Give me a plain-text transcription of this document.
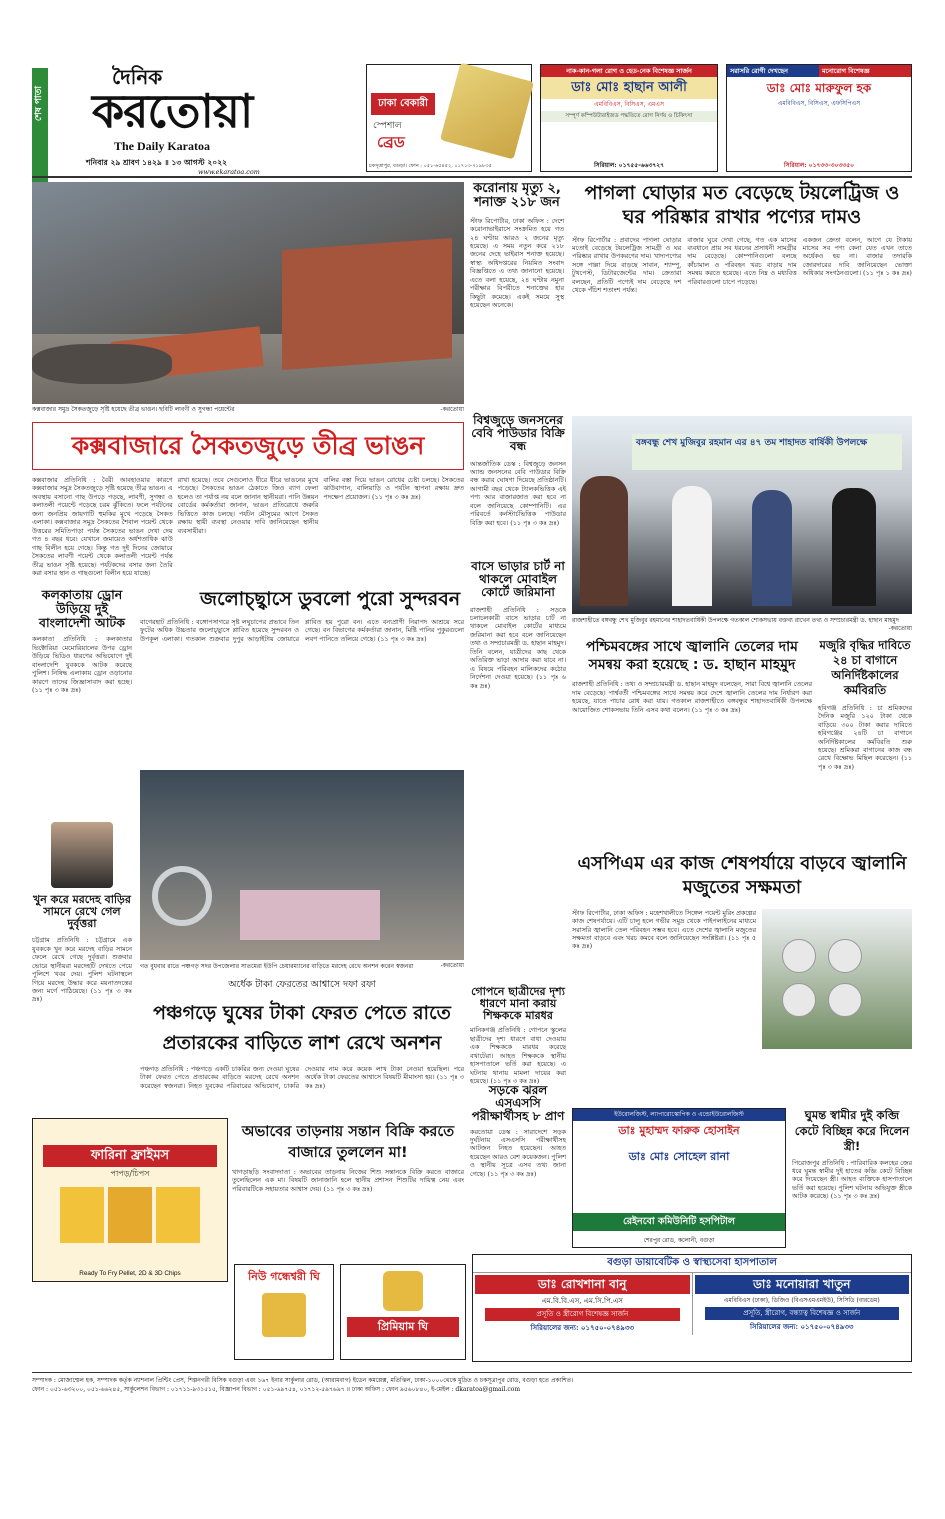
শেষ পাতা
দৈনিক
করতোয়া
The Daily Karatoa
শনিবার ২৯ শ্রাবণ ১৪২৯ ॥ ১৩ আগস্ট ২০২২
ঢাকা বেকারী
স্পেশাল
ব্রেড
চকসূত্রাপুর, বগুড়া। ফোন : ০৫১-৬৫৪৫২, ০১৭১৩-৭১৯৮৩৫
নাক-কান-গলা রোগ ও হেড-নেক বিশেষজ্ঞ সার্জন
ডাঃ মোঃ হাছান আলী
এমবিবিএস, বিসিএস, এমএস
সম্পূর্ণ কম্পিউটারাইজড পদ্ধতিতে রোগ নির্ণয় ও চিকিৎসা
সিরিয়াল: ০১৭৫৫-৬৬৩৭২৭
সরাসরি রোগী দেখছেন	মনোরোগ বিশেষজ্ঞ
ডাঃ মোঃ মারুফুল হক
এমবিবিএস, বিসিএস, এফসিপিএস
সিরিয়াল: ০১৭৩৩-৩০৩৩৫০
www.ekaratoa.com
কক্সবাজার সমুদ্র সৈকতজুড়ে সৃষ্টি হয়েছে তীব্র ভাঙন। ছবিটি লাবণী ও সুগন্ধা পয়েন্টের	-করতোয়া
করোনায় মৃত্যু ২, শনাক্ত ২১৮ জন
স্টাফ রিপোর্টার, ঢাকা অফিস : দেশে করোনাভাইরাসে সংক্রমিত হয়ে গত ২৪ ঘণ্টায় আরও ২ জনের মৃত্যু হয়েছে। এ সময় নতুন করে ২১৮ জনের দেহে ভাইরাস শনাক্ত হয়েছে। স্বাস্থ্য অধিদপ্তরের নিয়মিত সংবাদ বিজ্ঞপ্তিতে এ তথ্য জানানো হয়েছে। এতে বলা হয়েছে, ২৪ ঘণ্টায় নমুনা পরীক্ষার বিপরীতে শনাক্তের হার কিছুটা কমেছে। একই সময়ে সুস্থ হয়েছেন অনেকে।
পাগলা ঘোড়ার মত বেড়েছে টয়লেট্রিজ ও ঘর পরিষ্কার রাখার পণ্যের দামও
স্টাফ রিপোর্টার : প্রবাদের পাগলা ঘোড়ার মতোই বেড়েছে টয়লেট্রিজ সামগ্রী ও ঘর পরিষ্কার রাখার উপকরণের দাম। খাদ্যপণ্যের সঙ্গে পাল্লা দিয়ে বাড়ছে সাবান, শ্যাম্পু, টুথপেস্ট, ডিটারজেন্টের দাম। ক্রেতারা বলছেন, প্রতিটি পণ্যেই দাম বেড়েছে দশ থেকে পঁচিশ শতাংশ পর্যন্ত।
বাজার ঘুরে দেখা গেছে, গত এক মাসের ব্যবধানে প্রায় সব ধরনের প্রসাধনী সামগ্রীর দাম বেড়েছে। কোম্পানিগুলো বলছে কাঁচামাল ও পরিবহন খরচ বাড়ায় দাম সমন্বয় করতে হয়েছে। এতে নিম্ন ও মধ্যবিত্ত পরিবারগুলো চাপে পড়েছে।
একজন ক্রেতা বলেন, আগে যে টাকায় মাসের সব পণ্য কেনা যেত এখন তাতে অর্ধেকও হয় না। বাজার তদারকি জোরদারের দাবি জানিয়েছেন ভোক্তা অধিকার সংগঠনগুলো। (১১ পৃঃ ১ কঃ দ্রঃ)
কক্সবাজারে সৈকতজুড়ে তীব্র ভাঙন
কক্সবাজার প্রতিনিধি : বৈরী আবহাওয়ার কারণে কক্সবাজার সমুদ্র সৈকতজুড়ে সৃষ্টি হয়েছে তীব্র ভাঙন। এ অবস্থায় বসানো গাছ উপড়ে পড়ছে, লাবণী, সুগন্ধা ও কলাতলী পয়েন্টে পড়েছে চরম ঝুঁকিতে। ফলে পর্যটনের জন্য জনপ্রিয় জায়গাটি হুমকির মুখে পড়েছে সৈকত এলাকা। কক্সবাজার সমুদ্র সৈকতের শৈবাল পয়েন্ট থেকে উত্তরের সমিতিপাড়া পর্যন্ত সৈকতের ভাঙন দেখা দেয় গত ৪ বছর ধরে। যেখানে জমায়েত অর্ধশতাধিক ঝাউ গাছ বিলীন হয়ে গেছে। কিন্তু গত দুই দিনের জোয়ারে সৈকতের লাবণী পয়েন্ট থেকে কলাতলী পয়েন্ট পর্যন্ত তীব্র ভাঙন সৃষ্টি হয়েছে। পর্যটকদের বসার জন্য তৈরি করা বসার স্থান ও গাছগুলো বিলীন হয়ে যাচ্ছে।
রাখা হয়েছে। তবে সেগুলোও ধীরে ধীরে ভাঙনের মুখে পড়েছে। সৈকতের ভাঙন ঠেকাতে জিও ব্যাগ ফেলা হলেও তা পর্যাপ্ত নয় বলে জানান স্থানীয়রা। পানি উন্নয়ন বোর্ডের কর্মকর্তারা জানান, ভাঙন প্রতিরোধে জরুরি ভিত্তিতে কাজ চলছে। পর্যটন মৌসুমের আগে সৈকত রক্ষায় স্থায়ী ব্যবস্থা নেওয়ার দাবি জানিয়েছেন স্থানীয় ব্যবসায়ীরা।
বালির বস্তা দিয়ে ভাঙন রোধের চেষ্টা চলছে। সৈকতের ঝাউবাগান, বালিয়াড়ি ও পর্যটন স্থাপনা রক্ষায় দ্রুত পদক্ষেপ প্রয়োজন। (১১ পৃঃ ৩ কঃ দ্রঃ)
বিশ্বজুড়ে জনসনের বেবি পাউডার বিক্রি বন্ধ
আন্তর্জাতিক ডেস্ক : বিশ্বজুড়ে জনসন অ্যান্ড জনসনের বেবি পাউডার বিক্রি বন্ধ করার ঘোষণা দিয়েছে প্রতিষ্ঠানটি। আগামী বছর থেকে ট্যালকভিত্তিক এই পণ্য আর বাজারজাত করা হবে না বলে জানিয়েছে কোম্পানিটি। এর পরিবর্তে কর্নস্টার্চভিত্তিক পাউডার বিক্রি করা হবে। (১১ পৃঃ ৩ কঃ দ্রঃ)
বঙ্গবন্ধু শেখ মুজিবুর রহমান এর ৪৭ তম শাহাদত বার্ষিকী উপলক্ষে
রাজশাহীতে বঙ্গবন্ধু শেখ মুজিবুর রহমানের শাহাদতবার্ষিকী উপলক্ষে গতকাল শোকসভায় বক্তব্য রাখেন তথ্য ও সম্প্রচারমন্ত্রী ড. হাছান মাহমুদ
-করতোয়া
কলকাতায় ড্রোন উড়িয়ে দুই বাংলাদেশী আটক
কলকাতা প্রতিনিধি : কলকাতার ভিক্টোরিয়া মেমোরিয়ালের উপর ড্রোন উড়িয়ে ভিডিও ধারণের অভিযোগে দুই বাংলাদেশি যুবককে আটক করেছে পুলিশ। নিষিদ্ধ এলাকায় ড্রোন ওড়ানোর কারণে তাদের জিজ্ঞাসাবাদ করা হচ্ছে। (১১ পৃঃ ৩ কঃ দ্রঃ)
জলোচ্ছ্বাসে ডুবলো পুরো সুন্দরবন
বাগেরহাট প্রতিনিধি : বঙ্গোপসাগরে সৃষ্ট লঘুচাপের প্রভাবে তিন ফুটের অধিক উচ্চতার জলোচ্ছ্বাসে প্লাবিত হয়েছে সুন্দরবন ও উপকূল এলাকা। গতকাল শুক্রবার দুপুর আড়াইটায় জোয়ারে প্লাবিত হয় পুরো বন। এতে বন্যপ্রাণী নিরাপদ আশ্রয়ে সরে গেছে। বন বিভাগের কর্মকর্তারা জানান, মিষ্টি পানির পুকুরগুলো লবণ পানিতে তলিয়ে গেছে। (১১ পৃঃ ৩ কঃ দ্রঃ)
বাসে ভাড়ার চার্ট না থাকলে মোবাইল কোর্টে জরিমানা
রাজশাহী প্রতিনিধি : সড়কে চলাচলকারী বাসে ভাড়ার চার্ট না থাকলে মোবাইল কোর্টের মাধ্যমে জরিমানা করা হবে বলে জানিয়েছেন তথ্য ও সম্প্রচারমন্ত্রী ড. হাছান মাহমুদ। তিনি বলেন, যাত্রীদের কাছ থেকে অতিরিক্ত ভাড়া আদায় করা যাবে না। এ বিষয়ে পরিবহন মালিকদের কঠোর নির্দেশনা দেওয়া হয়েছে। (১১ পৃঃ ৬ কঃ দ্রঃ)
পশ্চিমবঙ্গের সাথে জ্বালানি তেলের দাম সমন্বয় করা হয়েছে : ড. হাছান মাহমুদ
রাজশাহী প্রতিনিধি : তথ্য ও সম্প্রচারমন্ত্রী ড. হাছান মাহমুদ বলেছেন, সারা বিশ্বে জ্বালানি তেলের দাম বেড়েছে। পার্শ্ববর্তী পশ্চিমবঙ্গের সাথে সমন্বয় করে দেশে জ্বালানি তেলের দাম নির্ধারণ করা হয়েছে, যাতে পাচার রোধ করা যায়। গতকাল রাজশাহীতে বঙ্গবন্ধুর শাহাদতবার্ষিকী উপলক্ষে আয়োজিত শোকসভায় তিনি এসব কথা বলেন। (১১ পৃঃ ৩ কঃ দ্রঃ)
মজুরি বৃদ্ধির দাবিতে ২৪ চা বাগানে অনির্দিষ্টকালের কর্মবিরতি
হবিগঞ্জ প্রতিনিধি : চা শ্রমিকদের দৈনিক মজুরি ১২০ টাকা থেকে বাড়িয়ে ৩০০ টাকা করার দাবিতে হবিগঞ্জের ২৪টি চা বাগানে অনির্দিষ্টকালের কর্মবিরতি শুরু হয়েছে। শ্রমিকরা বাগানের কাজ বন্ধ রেখে বিক্ষোভ মিছিল করেছেন। (১১ পৃঃ ৩ কঃ দ্রঃ)
গত বুধবার রাতে পঞ্চগড় সদর উপজেলার সাতমেরা ইউপি চেয়ারম্যানের বাড়িতে মরদেহ রেখে অনশন করেন স্বজনরা	-করতোয়া
অর্ধেক টাকা ফেরতের আশ্বাসে দফা রফা
পঞ্চগড়ে ঘুষের টাকা ফেরত পেতে রাতে প্রতারকের বাড়িতে লাশ রেখে অনশন
পঞ্চগড় প্রতিনিধি : পঞ্চগড়ে একটি চাকরির জন্য দেওয়া ঘুষের টাকা ফেরত পেতে প্রতারকের বাড়িতে মরদেহ রেখে অনশন করেছেন স্বজনরা। নিহত যুবকের পরিবারের অভিযোগ, চাকরি দেওয়ার নাম করে কয়েক লাখ টাকা নেওয়া হয়েছিল। পরে অর্ধেক টাকা ফেরতের আশ্বাসে বিষয়টি মীমাংসা হয়। (১১ পৃঃ ৩ কঃ দ্রঃ)
খুন করে মরদেহ বাড়ির সামনে রেখে গেল দুর্বৃত্তরা
চট্টগ্রাম প্রতিনিধি : চট্টগ্রামে এক যুবককে খুন করে মরদেহ বাড়ির সামনে ফেলে রেখে গেছে দুর্বৃত্তরা। শুক্রবার ভোরে স্থানীয়রা মরদেহটি দেখতে পেয়ে পুলিশে খবর দেয়। পুলিশ ঘটনাস্থলে গিয়ে মরদেহ উদ্ধার করে ময়নাতদন্তের জন্য মর্গে পাঠিয়েছে। (১১ পৃঃ ৩ কঃ দ্রঃ)
গোপনে ছাত্রীদের দৃশ্য ধারণে মানা করায় শিক্ষককে মারধর
মানিকগঞ্জ প্রতিনিধি : গোপনে স্কুলের ছাত্রীদের দৃশ্য ধারণে বাধা দেওয়ায় এক শিক্ষককে মারধর করেছে বখাটেরা। আহত শিক্ষককে স্থানীয় হাসপাতালে ভর্তি করা হয়েছে। এ ঘটনায় থানায় মামলা দায়ের করা হয়েছে। (১১ পৃঃ ৩ কঃ দ্রঃ)
এসপিএম এর কাজ শেষপর্যায়ে বাড়বে জ্বালানি মজুতের সক্ষমতা
স্টাফ রিপোর্টার, ঢাকা অফিস : মহেশখালীতে সিঙ্গেল পয়েন্ট মুরিং প্রকল্পের কাজ শেষপর্যায়ে। এটি চালু হলে গভীর সমুদ্র থেকে পাইপলাইনের মাধ্যমে সরাসরি জ্বালানি তেল পরিবহন সম্ভব হবে। এতে দেশের জ্বালানি মজুতের সক্ষমতা বাড়বে এবং খরচ কমবে বলে জানিয়েছেন সংশ্লিষ্টরা। (১১ পৃঃ ৫ কঃ দ্রঃ)
সড়কে ঝরল এসএসসি পরীক্ষার্থীসহ ৮ প্রাণ
করতোয়া ডেস্ক : সারাদেশে সড়ক দুর্ঘটনায় এসএসসি পরীক্ষার্থীসহ আটজন নিহত হয়েছেন। আহত হয়েছেন আরও বেশ কয়েকজন। পুলিশ ও স্থানীয় সূত্রে এসব তথ্য জানা গেছে। (১১ পৃঃ ৩ কঃ দ্রঃ)
ইউরোলজিস্ট, ল্যাপারোস্কোপিক ও এন্ডোইউরোলজিস্ট
ডাঃ মুহাম্মদ ফারুক হোসাইন
ডাঃ মোঃ সোহেল রানা
রেইনবো কমিউনিটি হসপিটাল
শেরপুর রোড, কলোনী, বগুড়া
ঘুমন্ত স্বামীর দুই কব্জি কেটে বিচ্ছিন্ন করে দিলেন স্ত্রী!
পিরোজপুর প্রতিনিধি : পারিবারিক কলহের জের ধরে ঘুমন্ত স্বামীর দুই হাতের কব্জি কেটে বিচ্ছিন্ন করে দিয়েছেন স্ত্রী। আহত ব্যক্তিকে হাসপাতালে ভর্তি করা হয়েছে। পুলিশ ঘটনায় অভিযুক্ত স্ত্রীকে আটক করেছে। (১১ পৃঃ ৩ কঃ দ্রঃ)
অভাবের তাড়নায় সন্তান বিক্রি করতে বাজারে তুললেন মা!
খাগড়াছড়ি সংবাদদাতা : অভাবের তাড়নায় নিজের শিশু সন্তানকে বিক্রি করতে বাজারে তুলেছিলেন এক মা। বিষয়টি জানাজানি হলে স্থানীয় প্রশাসন শিশুটির দায়িত্ব নেয় এবং পরিবারটিকে সহায়তার আশ্বাস দেয়। (১১ পৃঃ ৩ কঃ দ্রঃ)
ফারিনা ফ্রাইমস
পাপড়/চিপস
Ready To Fry Pellet, 2D & 3D Chips	নিউ গন্ধেশ্বরী ঘি
প্রিমিয়াম ঘি
বগুড়া ডায়াবেটিক ও স্বাস্থ্যসেবা হাসপাতাল
ডাঃ রোখশানা বানু
এম.বি.বি.এস, এম.সি.পি.এস
প্রসূতি ও স্ত্রীরোগ বিশেষজ্ঞ সার্জন
সিরিয়ালের জন্য: ০১৭৫০-০৭৪৯৩৩
ডাঃ মনোয়ারা খাতুন
এমবিবিএস (ঢাকা), ডিজিও (বিএসএমএমইউ), সিসিডি (বারডেম)
প্রসূতি, স্ত্রীরোগ, বন্ধ্যাত্ব বিশেষজ্ঞ ও সার্জন
সিরিয়ালের জন্য: ০১৭৫০-০৭৪৯৩৩
সম্পাদক : মোজাম্মেল হক, সম্পাদক কর্তৃক ন্যাশনাল প্রিন্টিং প্রেস, শিল্পনগরী বিসিক বগুড়া এবং ১৬৭ ইনার সার্কুলার রোড, (আরামবাগ) ইডেন কমপ্লেক্স, মতিঝিল, ঢাকা-১০০০থেকে মুদ্রিত ও চকসূত্রাপুর রোড, বগুড়া হতে প্রকাশিত।
ফোন : ০৫১-৬৩২০০, ০৫১-৬৬২৪৫, সার্কুলেশন বিভাগ : ০১৭১১-৯৩১৫১৫, বিজ্ঞাপন বিভাগ : ০৫১-৬৯৭৫৪, ০১৭১২-৫৯৭৬৯৭ ॥ ঢাকা অফিস : ফোন ৯৫৬০৮৪০, ই-মেইল : dkaratoa@gmail.com
